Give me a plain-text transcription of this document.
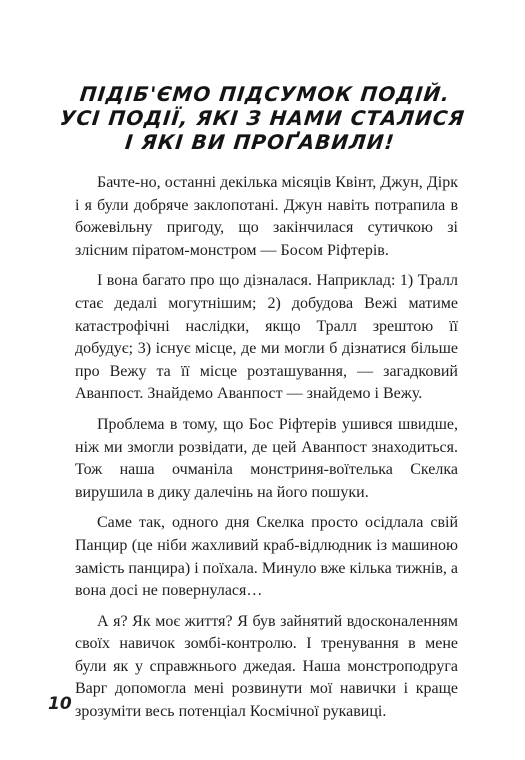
ПІДІБ'ЄМО ПІДСУМОК ПОДІЙ.
УСІ ПОДІЇ, ЯКІ З НАМИ СТАЛИСЯ
І ЯКІ ВИ ПРОҐАВИЛИ!

Бачте-но, останні декілька місяців Квінт, Джун, Дірк і я були добряче заклопотані. Джун навіть потрапила в божевільну пригоду, що закінчилася сутичкою зі злісним піратом-монстром — Босом Ріфтерів.

І вона багато про що дізналася. Наприклад: 1) Тралл стає дедалі могутнішим; 2) добудова Вежі матиме катастрофічні наслідки, якщо Тралл зрештою її добудує; 3) існує місце, де ми могли б дізнатися більше про Вежу та її місце розташування, — загадковий Аванпост. Знайдемо Аванпост — знайдемо і Вежу.

Проблема в тому, що Бос Ріфтерів ушився швидше, ніж ми змогли розвідати, де цей Аванпост знаходиться. Тож наша очманіла монстриня-воїтелька Скелка вирушила в дику далечінь на його пошуки.

Саме так, одного дня Скелка просто осідлала свій Панцир (це ніби жахливий краб-відлюдник із машиною замість панцира) і поїхала. Минуло вже кілька тижнів, а вона досі не повернулася…

А я? Як моє життя? Я був зайнятий вдосконаленням своїх навичок зомбі-контролю. І тренування в мене були як у справжнього джедая. Наша монстроподруга Варг допомогла мені розвинути мої навички і краще зрозуміти весь потенціал Космічної рукавиці.

10
